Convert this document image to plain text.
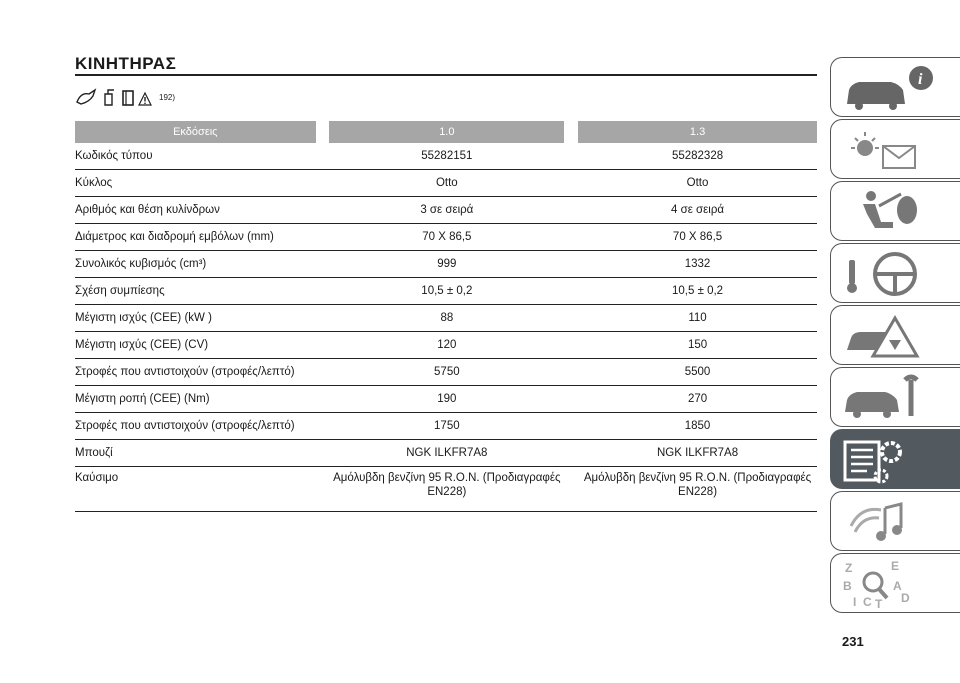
ΚΙΝΗΤΗΡΑΣ
192)
Εκδόσεις		1.0		1.3
Κωδικός τύπου		55282151		55282328
Κύκλος		Otto		Otto
Αριθμός και θέση κυλίνδρων		3 σε σειρά		4 σε σειρά
Διάμετρος και διαδρομή εμβόλων (mm)		70 X 86,5		70 X 86,5
Συνολικός κυβισμός (cm³)		999		1332
Σχέση συμπίεσης		10,5 ± 0,2		10,5 ± 0,2
Μέγιστη ισχύς (CEE) (kW )		88		110
Μέγιστη ισχύς (CEE) (CV)		120		150
Στροφές που αντιστοιχούν (στροφές/λεπτό)		5750		5500
Μέγιστη ροπή (CEE) (Nm)		190		270
Στροφές που αντιστοιχούν (στροφές/λεπτό)		1750		1850
Μπουζί		NGK ILKFR7A8		NGK ILKFR7A8
Καύσιμο		Αμόλυβδη βενζίνη 95 R.O.N. (Προδιαγραφές EN228)		Αμόλυβδη βενζίνη 95 R.O.N. (Προδιαγραφές EN228)
i
Z	E
B	A
I C D
T
231
